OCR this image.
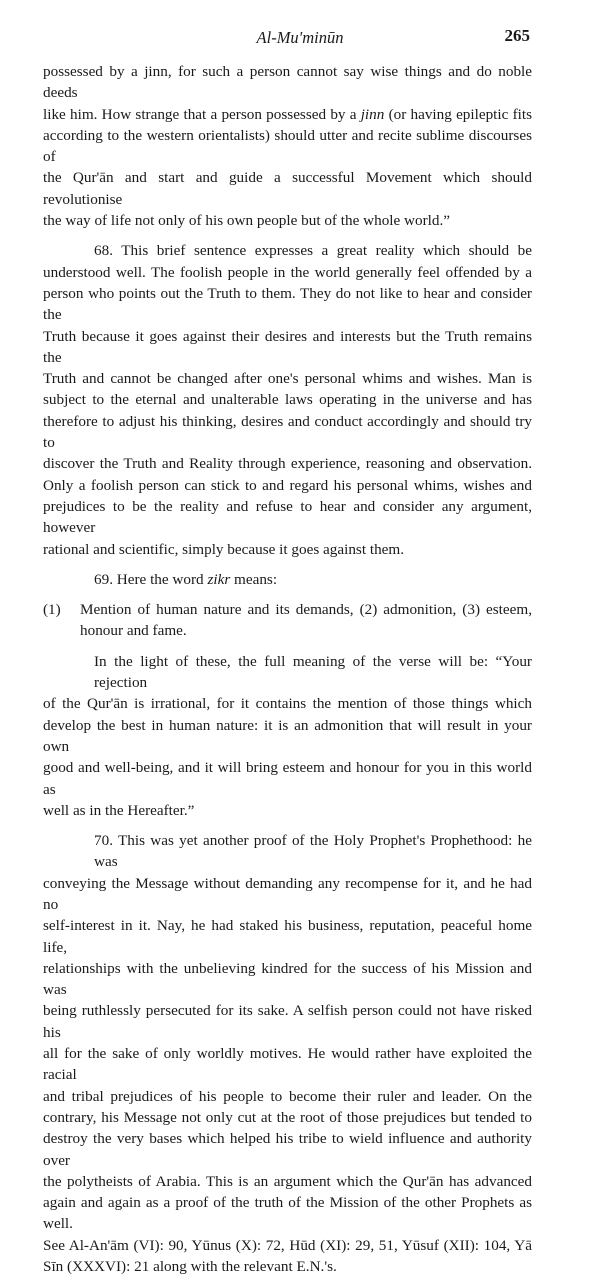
Al-Mu'minūn	265

possessed by a jinn, for such a person cannot say wise things and do noble deeds
like him. How strange that a person possessed by a jinn (or having epileptic fits
according to the western orientalists) should utter and recite sublime discourses of
the Qur'ān and start and guide a successful Movement which should revolutionise
the way of life not only of his own people but of the whole world.”

68. This brief sentence expresses a great reality which should be
understood well. The foolish people in the world generally feel offended by a
person who points out the Truth to them. They do not like to hear and consider the
Truth because it goes against their desires and interests but the Truth remains the
Truth and cannot be changed after one's personal whims and wishes. Man is
subject to the eternal and unalterable laws operating in the universe and has
therefore to adjust his thinking, desires and conduct accordingly and should try to
discover the Truth and Reality through experience, reasoning and observation.
Only a foolish person can stick to and regard his personal whims, wishes and
prejudices to be the reality and refuse to hear and consider any argument, however
rational and scientific, simply because it goes against them.

69. Here the word zikr means:

(1) Mention of human nature and its demands, (2) admonition, (3) esteem,
honour and fame.

In the light of these, the full meaning of the verse will be: “Your rejection
of the Qur'ān is irrational, for it contains the mention of those things which
develop the best in human nature: it is an admonition that will result in your own
good and well-being, and it will bring esteem and honour for you in this world as
well as in the Hereafter.”

70. This was yet another proof of the Holy Prophet's Prophethood: he was
conveying the Message without demanding any recompense for it, and he had no
self-interest in it. Nay, he had staked his business, reputation, peaceful home life,
relationships with the unbelieving kindred for the success of his Mission and was
being ruthlessly persecuted for its sake. A selfish person could not have risked his
all for the sake of only worldly motives. He would rather have exploited the racial
and tribal prejudices of his people to become their ruler and leader. On the
contrary, his Message not only cut at the root of those prejudices but tended to
destroy the very bases which helped his tribe to wield influence and authority over
the polytheists of Arabia. This is an argument which the Qur'ān has advanced
again and again as a proof of the truth of the Mission of the other Prophets as well.
See Al-An'ām (VI): 90, Yūnus (X): 72, Hūd (XI): 29, 51, Yūsuf (XII): 104, Yā
Sīn (XXXVI): 21 along with the relevant E.N.'s.
